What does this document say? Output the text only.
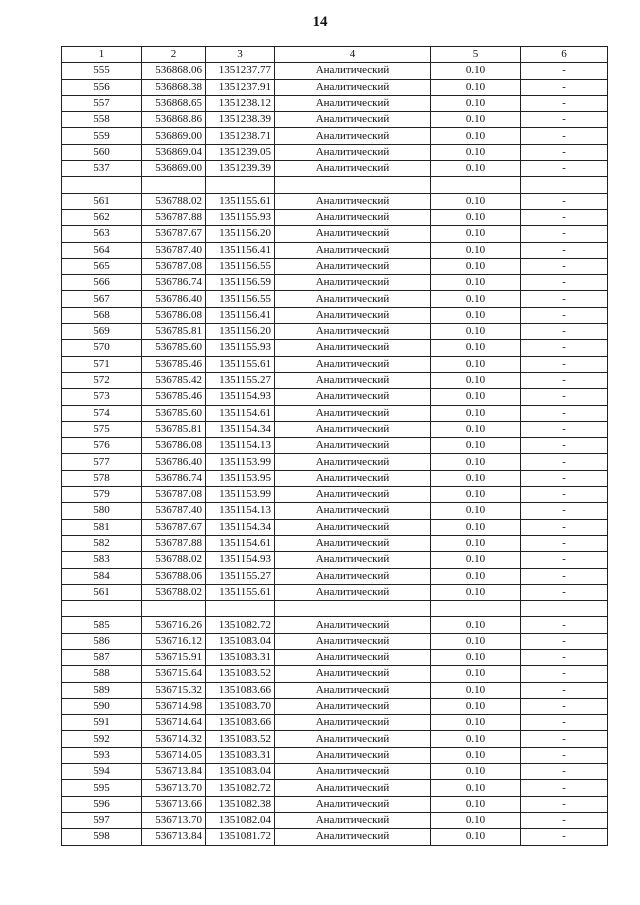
14
1	2	3	4	5	6
555	536868.06	1351237.77	Аналитический	0.10	-
556	536868.38	1351237.91	Аналитический	0.10	-
557	536868.65	1351238.12	Аналитический	0.10	-
558	536868.86	1351238.39	Аналитический	0.10	-
559	536869.00	1351238.71	Аналитический	0.10	-
560	536869.04	1351239.05	Аналитический	0.10	-
537	536869.00	1351239.39	Аналитический	0.10	-

561	536788.02	1351155.61	Аналитический	0.10	-
562	536787.88	1351155.93	Аналитический	0.10	-
563	536787.67	1351156.20	Аналитический	0.10	-
564	536787.40	1351156.41	Аналитический	0.10	-
565	536787.08	1351156.55	Аналитический	0.10	-
566	536786.74	1351156.59	Аналитический	0.10	-
567	536786.40	1351156.55	Аналитический	0.10	-
568	536786.08	1351156.41	Аналитический	0.10	-
569	536785.81	1351156.20	Аналитический	0.10	-
570	536785.60	1351155.93	Аналитический	0.10	-
571	536785.46	1351155.61	Аналитический	0.10	-
572	536785.42	1351155.27	Аналитический	0.10	-
573	536785.46	1351154.93	Аналитический	0.10	-
574	536785.60	1351154.61	Аналитический	0.10	-
575	536785.81	1351154.34	Аналитический	0.10	-
576	536786.08	1351154.13	Аналитический	0.10	-
577	536786.40	1351153.99	Аналитический	0.10	-
578	536786.74	1351153.95	Аналитический	0.10	-
579	536787.08	1351153.99	Аналитический	0.10	-
580	536787.40	1351154.13	Аналитический	0.10	-
581	536787.67	1351154.34	Аналитический	0.10	-
582	536787.88	1351154.61	Аналитический	0.10	-
583	536788.02	1351154.93	Аналитический	0.10	-
584	536788.06	1351155.27	Аналитический	0.10	-
561	536788.02	1351155.61	Аналитический	0.10	-

585	536716.26	1351082.72	Аналитический	0.10	-
586	536716.12	1351083.04	Аналитический	0.10	-
587	536715.91	1351083.31	Аналитический	0.10	-
588	536715.64	1351083.52	Аналитический	0.10	-
589	536715.32	1351083.66	Аналитический	0.10	-
590	536714.98	1351083.70	Аналитический	0.10	-
591	536714.64	1351083.66	Аналитический	0.10	-
592	536714.32	1351083.52	Аналитический	0.10	-
593	536714.05	1351083.31	Аналитический	0.10	-
594	536713.84	1351083.04	Аналитический	0.10	-
595	536713.70	1351082.72	Аналитический	0.10	-
596	536713.66	1351082.38	Аналитический	0.10	-
597	536713.70	1351082.04	Аналитический	0.10	-
598	536713.84	1351081.72	Аналитический	0.10	-
